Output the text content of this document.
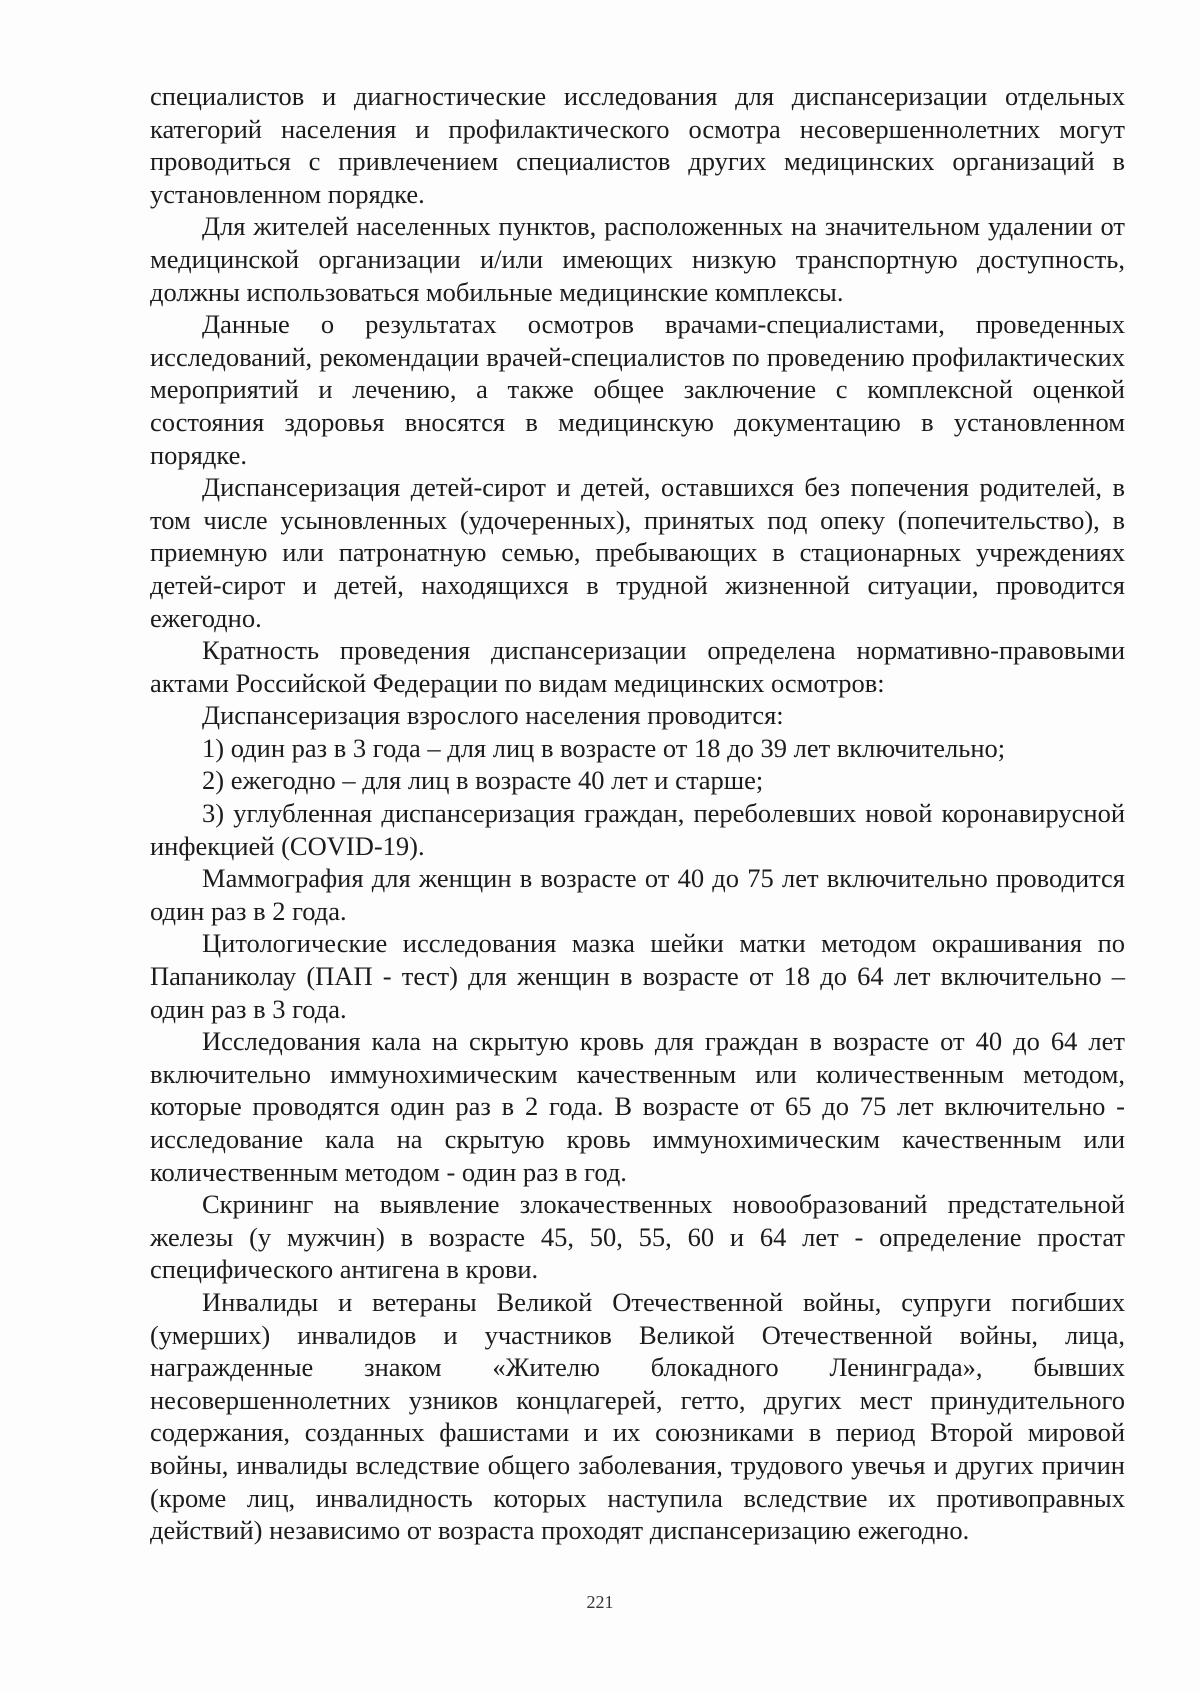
специалистов и диагностические исследования для диспансеризации отдельных категорий населения и профилактического осмотра несовершеннолетних могут проводиться с привлечением специалистов других медицинских организаций в установленном порядке.

Для жителей населенных пунктов, расположенных на значительном удалении от медицинской организации и/или имеющих низкую транспортную доступность, должны использоваться мобильные медицинские комплексы.

Данные о результатах осмотров врачами-специалистами, проведенных исследований, рекомендации врачей-специалистов по проведению профилактических мероприятий и лечению, а также общее заключение с комплексной оценкой состояния здоровья вносятся в медицинскую документацию в установленном порядке.

Диспансеризация детей-сирот и детей, оставшихся без попечения родителей, в том числе усыновленных (удочеренных), принятых под опеку (попечительство), в приемную или патронатную семью, пребывающих в стационарных учреждениях детей-сирот и детей, находящихся в трудной жизненной ситуации, проводится ежегодно.

Кратность проведения диспансеризации определена нормативно-правовыми актами Российской Федерации по видам медицинских осмотров:

Диспансеризация взрослого населения проводится:

1) один раз в 3 года – для лиц в возрасте от 18 до 39 лет включительно;

2) ежегодно – для лиц в возрасте 40 лет и старше;

3) углубленная диспансеризация граждан, переболевших новой коронавирусной инфекцией (COVID-19).

Маммография для женщин в возрасте от 40 до 75 лет включительно проводится один раз в 2 года.

Цитологические исследования мазка шейки матки методом окрашивания по Папаниколау (ПАП - тест) для женщин в возрасте от 18 до 64 лет включительно –один раз в 3 года.

Исследования кала на скрытую кровь для граждан в возрасте от 40 до 64 лет включительно иммунохимическим качественным или количественным методом, которые проводятся один раз в 2 года. В возрасте от 65 до 75 лет включительно - исследование кала на скрытую кровь иммунохимическим качественным или количественным методом - один раз в год.

Скрининг на выявление злокачественных новообразований предстательной железы (у мужчин) в возрасте 45, 50, 55, 60 и 64 лет - определение простат специфического антигена в крови.

Инвалиды и ветераны Великой Отечественной войны, супруги погибших (умерших) инвалидов и участников Великой Отечественной войны, лица, награжденные знаком «Жителю блокадного Ленинграда», бывших несовершеннолетних узников концлагерей, гетто, других мест принудительного содержания, созданных фашистами и их союзниками в период Второй мировой войны, инвалиды вследствие общего заболевания, трудового увечья и других причин (кроме лиц, инвалидность которых наступила вследствие их противоправных действий) независимо от возраста проходят диспансеризацию ежегодно.

221
